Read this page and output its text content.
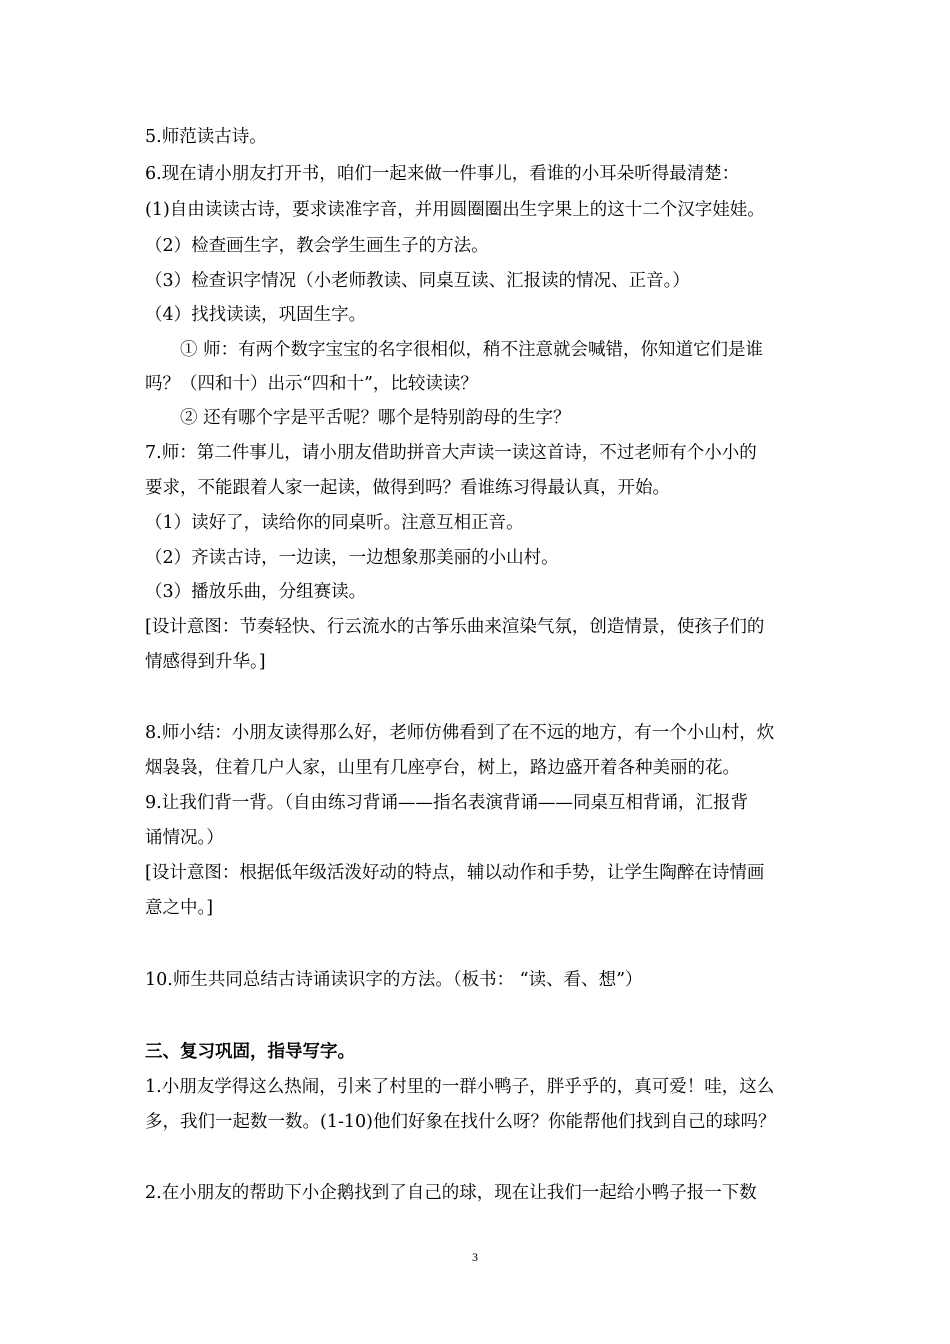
5.师范读古诗。
6.现在请小朋友打开书，咱们一起来做一件事儿，看谁的小耳朵听得最清楚：
(1)自由读读古诗，要求读准字音，并用圆圈圈出生字果上的这十二个汉字娃娃。
（2）检查画生字，教会学生画生子的方法。
（3）检查识字情况（小老师教读、同桌互读、汇报读的情况、正音。）
（4）找找读读，巩固生字。
① 师：有两个数字宝宝的名字很相似，稍不注意就会喊错，你知道它们是谁
吗？（四和十）出示“四和十”，比较读读？
② 还有哪个字是平舌呢？哪个是特别韵母的生字？
7.师：第二件事儿，请小朋友借助拼音大声读一读这首诗，不过老师有个小小的
要求，不能跟着人家一起读，做得到吗？看谁练习得最认真，开始。
（1）读好了，读给你的同桌听。注意互相正音。
（2）齐读古诗，一边读，一边想象那美丽的小山村。
（3）播放乐曲，分组赛读。
[设计意图：节奏轻快、行云流水的古筝乐曲来渲染气氛，创造情景，使孩子们的
情感得到升华。]
8.师小结：小朋友读得那么好，老师仿佛看到了在不远的地方，有一个小山村，炊
烟袅袅，住着几户人家，山里有几座亭台，树上，路边盛开着各种美丽的花。
9.让我们背一背。（自由练习背诵——指名表演背诵——同桌互相背诵，汇报背
诵情况。）
[设计意图：根据低年级活泼好动的特点，辅以动作和手势，让学生陶醉在诗情画
意之中。]
10.师生共同总结古诗诵读识字的方法。（板书： “读、看、想”）
三、复习巩固，指导写字。
1.小朋友学得这么热闹，引来了村里的一群小鸭子，胖乎乎的，真可爱！哇，这么
多，我们一起数一数。(1-10)他们好象在找什么呀？你能帮他们找到自己的球吗？
2.在小朋友的帮助下小企鹅找到了自己的球，现在让我们一起给小鸭子报一下数
3
